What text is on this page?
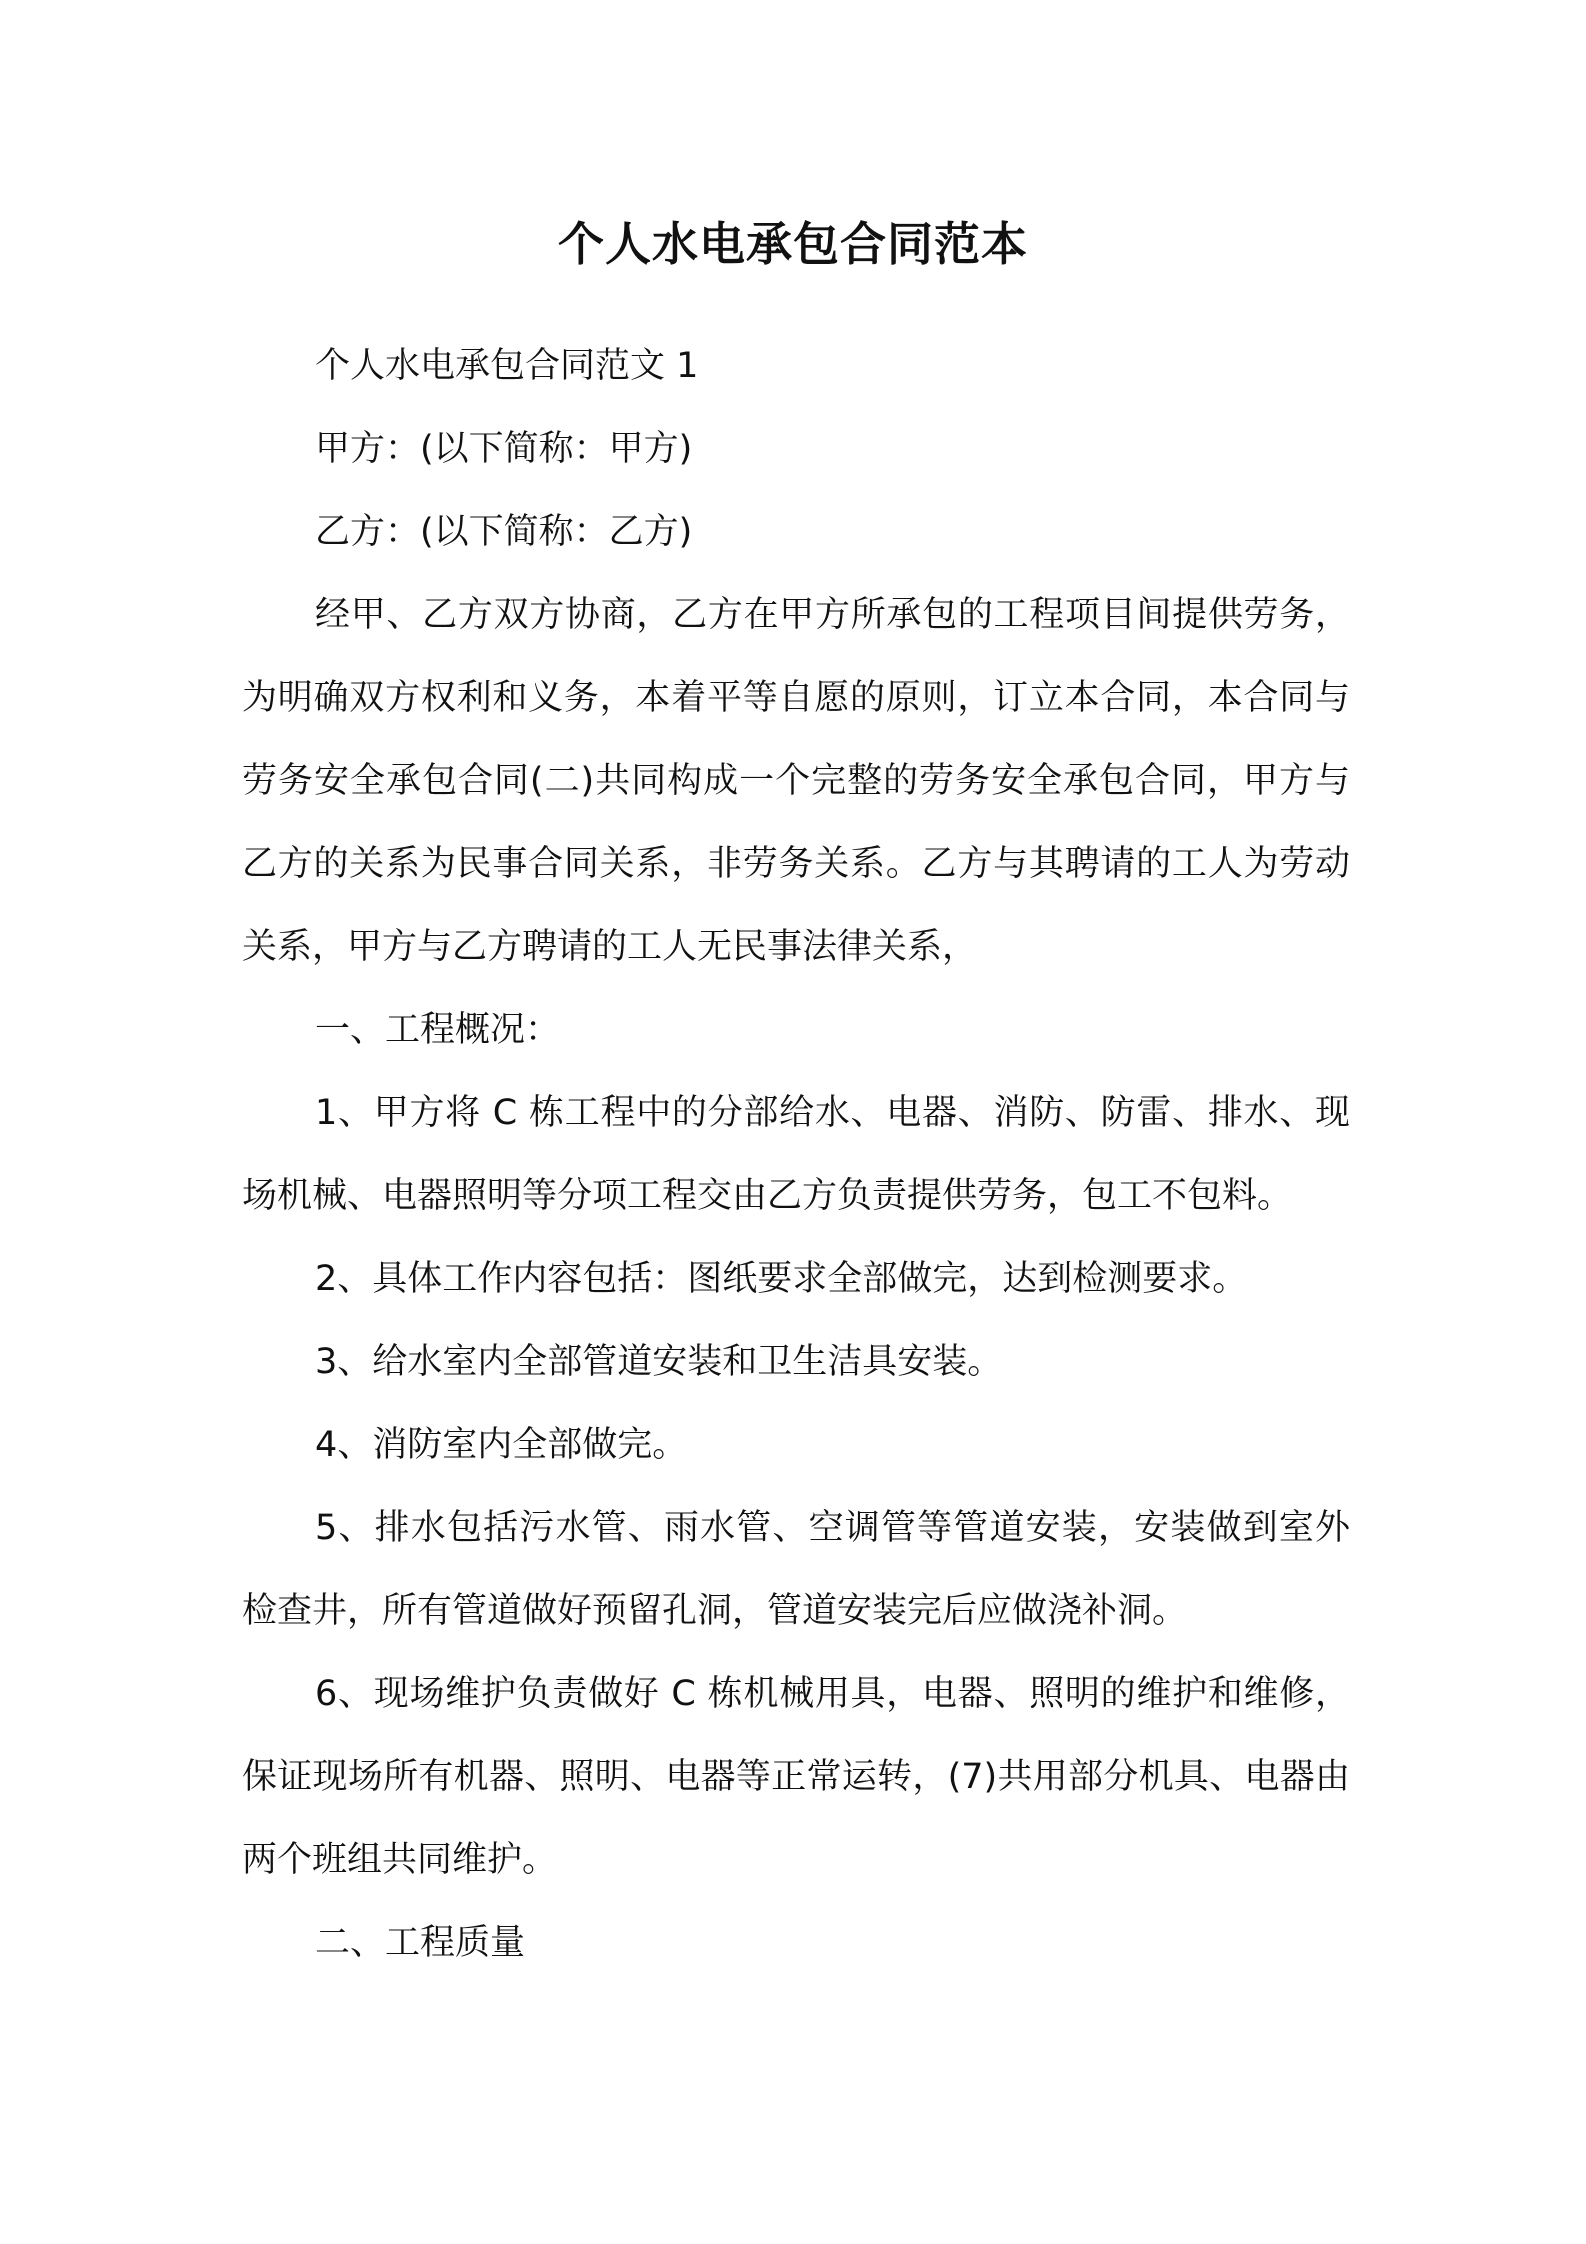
个人水电承包合同范本

个人水电承包合同范文 1

甲方：(以下简称：甲方)

乙方：(以下简称：乙方)

经甲、乙方双方协商，乙方在甲方所承包的工程项目间提供劳务，为明确双方权利和义务，本着平等自愿的原则，订立本合同，本合同与劳务安全承包合同(二)共同构成一个完整的劳务安全承包合同，甲方与乙方的关系为民事合同关系，非劳务关系。乙方与其聘请的工人为劳动关系，甲方与乙方聘请的工人无民事法律关系，

一、工程概况：

1、甲方将 C 栋工程中的分部给水、电器、消防、防雷、排水、现场机械、电器照明等分项工程交由乙方负责提供劳务，包工不包料。

2、具体工作内容包括：图纸要求全部做完，达到检测要求。

3、给水室内全部管道安装和卫生洁具安装。

4、消防室内全部做完。

5、排水包括污水管、雨水管、空调管等管道安装，安装做到室外检查井，所有管道做好预留孔洞，管道安装完后应做浇补洞。

6、现场维护负责做好 C 栋机械用具，电器、照明的维护和维修，保证现场所有机器、照明、电器等正常运转，(7)共用部分机具、电器由两个班组共同维护。

二、工程质量
